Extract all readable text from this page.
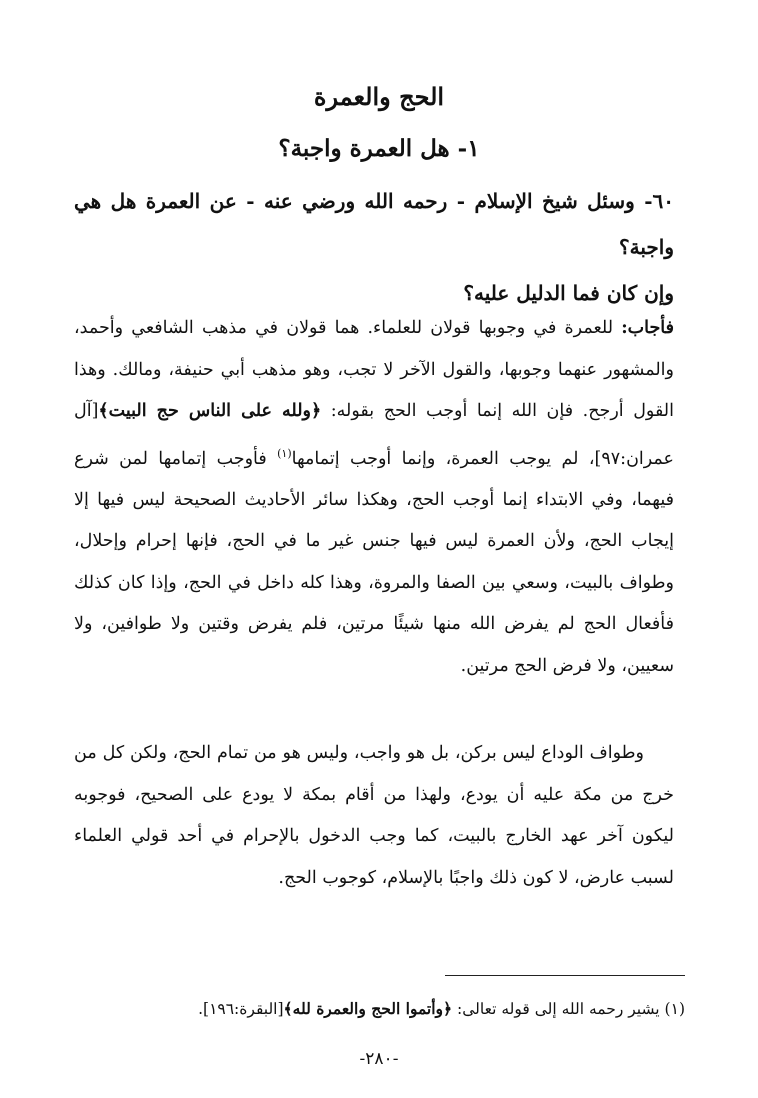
الحج والعمرة
١- هل العمرة واجبة؟
٦٠- وسئل شيخ الإسلام - رحمه الله ورضي عنه - عن العمرة هل هي واجبة؟
وإن كان فما الدليل عليه؟
فأجاب: للعمرة في وجوبها قولان للعلماء. هما قولان في مذهب الشافعي وأحمد، والمشهور عنهما وجوبها، والقول الآخر لا تجب، وهو مذهب أبي حنيفة، ومالك. وهذا القول أرجح. فإن الله إنما أوجب الحج بقوله: ﴿ولله على الناس حج البيت﴾[آل عمران:٩٧]، لم يوجب العمرة، وإنما أوجب إتمامها$^{(١)}$ فأوجب إتمامها لمن شرع فيهما، وفي الابتداء إنما أوجب الحج، وهكذا سائر الأحاديث الصحيحة ليس فيها إلا إيجاب الحج، ولأن العمرة ليس فيها جنس غير ما في الحج، فإنها إحرام وإحلال، وطواف بالبيت، وسعي بين الصفا والمروة، وهذا كله داخل في الحج، وإذا كان كذلك فأفعال الحج لم يفرض الله منها شيئًا مرتين، فلم يفرض وقتين ولا طوافين، ولا سعيين، ولا فرض الحج مرتين.
وطواف الوداع ليس بركن، بل هو واجب، وليس هو من تمام الحج، ولكن كل من خرج من مكة عليه أن يودع، ولهذا من أقام بمكة لا يودع على الصحيح، فوجوبه ليكون آخر عهد الخارج بالبيت، كما وجب الدخول بالإحرام في أحد قولي العلماء لسبب عارض، لا كون ذلك واجبًا بالإسلام، كوجوب الحج.
(١) يشير رحمه الله إلى قوله تعالى: ﴿وأتموا الحج والعمرة لله﴾[البقرة:١٩٦].
-٢٨٠-
